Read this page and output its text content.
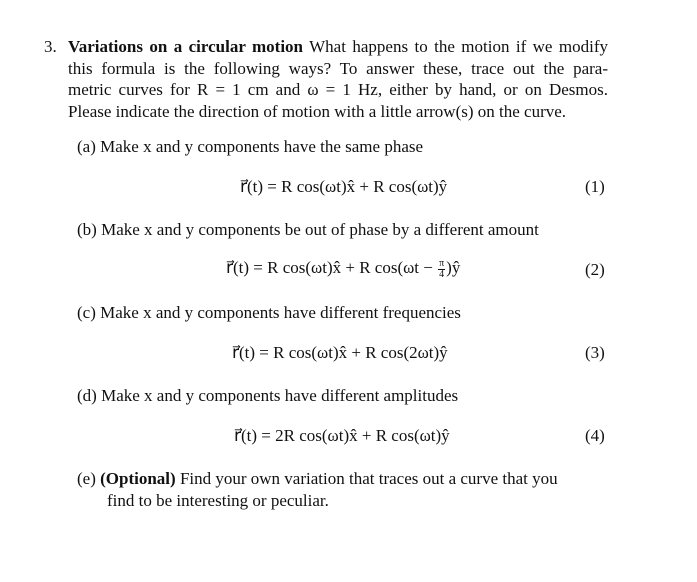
3. Variations on a circular motion What happens to the motion if we modify
this formula is the following ways? To answer these, trace out the para-
metric curves for R = 1 cm and ω = 1 Hz, either by hand, or on Desmos.
Please indicate the direction of motion with a little arrow(s) on the curve.
(a) Make x and y components have the same phase
r⃗(t) = R cos(ωt)x̂ + R cos(ωt)ŷ	(1)
(b) Make x and y components be out of phase by a different amount
r⃗(t) = R cos(ωt)x̂ + R $\cos(\omega t - \frac{\pi}{4}$ )ŷ	(2)
(c) Make x and y components have different frequencies
r⃗(t) = R cos(ωt)x̂ + R cos(2ωt)ŷ	(3)
(d) Make x and y components have different amplitudes
r⃗(t) = 2R cos(ωt)x̂ + R cos(ωt)ŷ	(4)
(e) (Optional) Find your own variation that traces out a curve that you
find to be interesting or peculiar.
